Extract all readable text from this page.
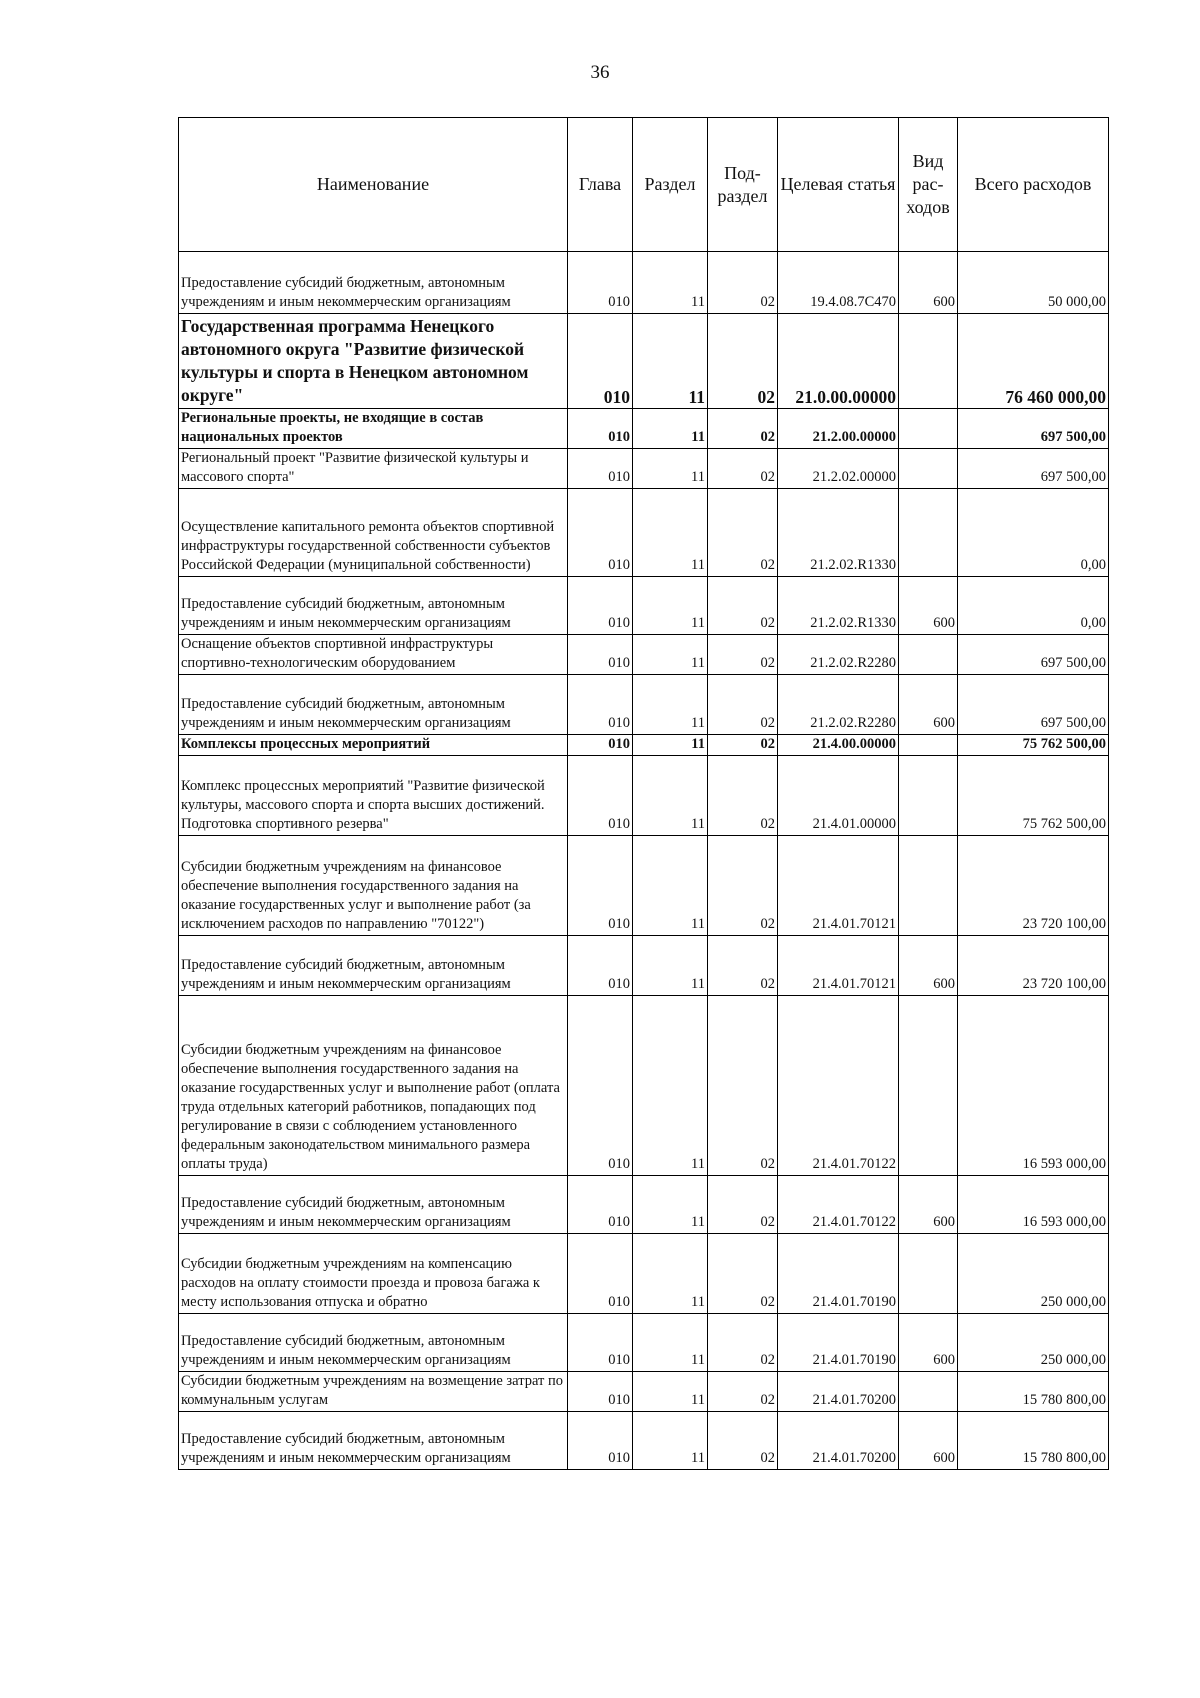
36
Наименование	Глава	Раздел	Под-раздел	Целевая статья	Вид рас-ходов	Всего расходов
Предоставление субсидий бюджетным, автономным учреждениям и иным некоммерческим организациям	010	11	02	19.4.08.7С470	600	50 000,00
Государственная программа Ненецкого автономного округа "Развитие физической культуры и спорта в Ненецком автономном округе"	010	11	02	21.0.00.00000		76 460 000,00
Региональные проекты, не входящие в состав национальных проектов	010	11	02	21.2.00.00000		697 500,00
Региональный проект "Развитие физической культуры и массового спорта"	010	11	02	21.2.02.00000		697 500,00
Осуществление капитального ремонта объектов спортивной инфраструктуры государственной собственности субъектов Российской Федерации (муниципальной собственности)	010	11	02	21.2.02.R1330		0,00
Предоставление субсидий бюджетным, автономным учреждениям и иным некоммерческим организациям	010	11	02	21.2.02.R1330	600	0,00
Оснащение объектов спортивной инфраструктуры спортивно-технологическим оборудованием	010	11	02	21.2.02.R2280		697 500,00
Предоставление субсидий бюджетным, автономным учреждениям и иным некоммерческим организациям	010	11	02	21.2.02.R2280	600	697 500,00
Комплексы процессных мероприятий	010	11	02	21.4.00.00000		75 762 500,00
Комплекс процессных мероприятий "Развитие физической культуры, массового спорта и спорта высших достижений. Подготовка спортивного резерва"	010	11	02	21.4.01.00000		75 762 500,00
Субсидии бюджетным учреждениям на финансовое обеспечение выполнения государственного задания на оказание государственных услуг и выполнение работ (за исключением расходов по направлению "70122")	010	11	02	21.4.01.70121		23 720 100,00
Предоставление субсидий бюджетным, автономным учреждениям и иным некоммерческим организациям	010	11	02	21.4.01.70121	600	23 720 100,00
Субсидии бюджетным учреждениям на финансовое обеспечение выполнения государственного задания на оказание государственных услуг и выполнение работ (оплата труда отдельных категорий работников, попадающих под регулирование в связи с соблюдением установленного федеральным законодательством минимального размера оплаты труда)	010	11	02	21.4.01.70122		16 593 000,00
Предоставление субсидий бюджетным, автономным учреждениям и иным некоммерческим организациям	010	11	02	21.4.01.70122	600	16 593 000,00
Субсидии бюджетным учреждениям на компенсацию расходов на оплату стоимости проезда и провоза багажа к месту использования отпуска и обратно	010	11	02	21.4.01.70190		250 000,00
Предоставление субсидий бюджетным, автономным учреждениям и иным некоммерческим организациям	010	11	02	21.4.01.70190	600	250 000,00
Субсидии бюджетным учреждениям на возмещение затрат по коммунальным услугам	010	11	02	21.4.01.70200		15 780 800,00
Предоставление субсидий бюджетным, автономным учреждениям и иным некоммерческим организациям	010	11	02	21.4.01.70200	600	15 780 800,00
